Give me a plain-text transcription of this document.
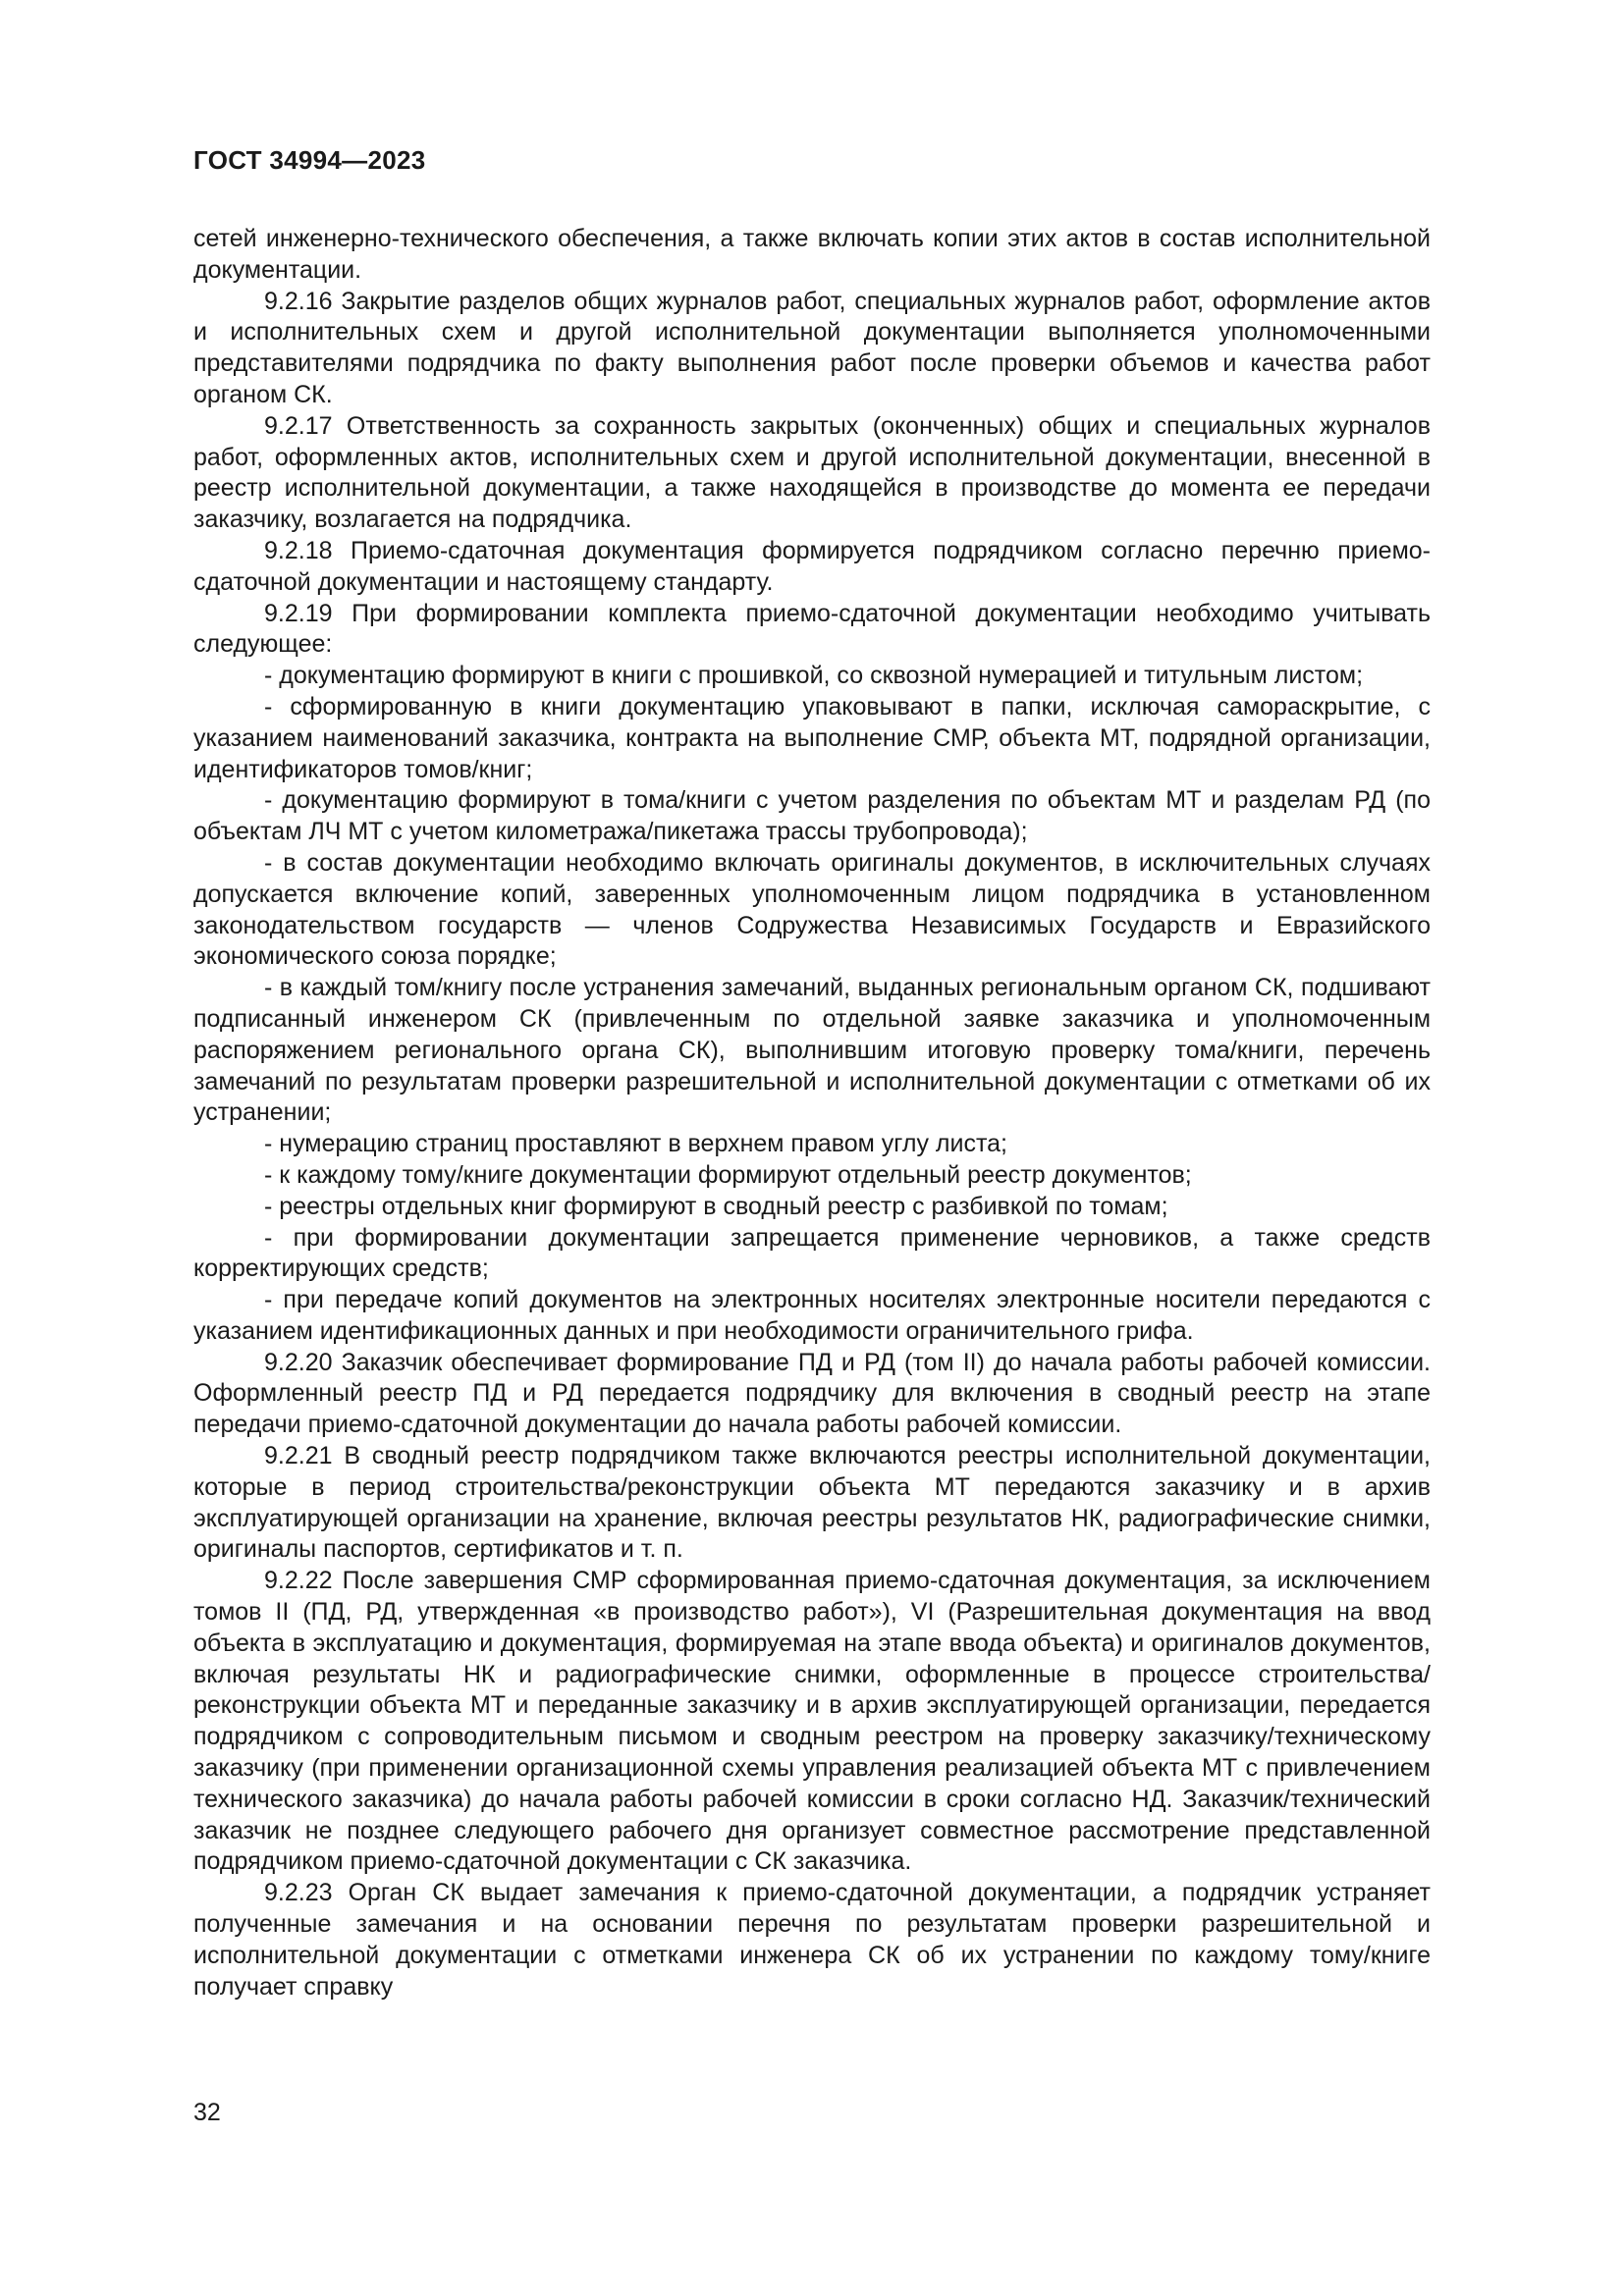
ГОСТ 34994—2023

сетей инженерно-технического обеспечения, а также включать копии этих актов в состав исполнительной документации.

9.2.16 Закрытие разделов общих журналов работ, специальных журналов работ, оформление актов и исполнительных схем и другой исполнительной документации выполняется уполномоченными представителями подрядчика по факту выполнения работ после проверки объемов и качества работ органом СК.

9.2.17 Ответственность за сохранность закрытых (оконченных) общих и специальных журналов работ, оформленных актов, исполнительных схем и другой исполнительной документации, внесенной в реестр исполнительной документации, а также находящейся в производстве до момента ее передачи заказчику, возлагается на подрядчика.

9.2.18 Приемо-сдаточная документация формируется подрядчиком согласно перечню приемо-сдаточной документации и настоящему стандарту.

9.2.19 При формировании комплекта приемо-сдаточной документации необходимо учитывать следующее:

- документацию формируют в книги с прошивкой, со сквозной нумерацией и титульным листом;

- сформированную в книги документацию упаковывают в папки, исключая самораскрытие, с указанием наименований заказчика, контракта на выполнение СМР, объекта МТ, подрядной организации, идентификаторов томов/книг;

- документацию формируют в тома/книги с учетом разделения по объектам МТ и разделам РД (по объектам ЛЧ МТ с учетом километража/пикетажа трассы трубопровода);

- в состав документации необходимо включать оригиналы документов, в исключительных случаях допускается включение копий, заверенных уполномоченным лицом подрядчика в установленном законодательством государств — членов Содружества Независимых Государств и Евразийского экономического союза порядке;

- в каждый том/книгу после устранения замечаний, выданных региональным органом СК, подшивают подписанный инженером СК (привлеченным по отдельной заявке заказчика и уполномоченным распоряжением регионального органа СК), выполнившим итоговую проверку тома/книги, перечень замечаний по результатам проверки разрешительной и исполнительной документации с отметками об их устранении;

- нумерацию страниц проставляют в верхнем правом углу листа;

- к каждому тому/книге документации формируют отдельный реестр документов;

- реестры отдельных книг формируют в сводный реестр с разбивкой по томам;

- при формировании документации запрещается применение черновиков, а также средств корректирующих средств;

- при передаче копий документов на электронных носителях электронные носители передаются с указанием идентификационных данных и при необходимости ограничительного грифа.

9.2.20 Заказчик обеспечивает формирование ПД и РД (том II) до начала работы рабочей комиссии. Оформленный реестр ПД и РД передается подрядчику для включения в сводный реестр на этапе передачи приемо-сдаточной документации до начала работы рабочей комиссии.

9.2.21 В сводный реестр подрядчиком также включаются реестры исполнительной документации, которые в период строительства/реконструкции объекта МТ передаются заказчику и в архив эксплуатирующей организации на хранение, включая реестры результатов НК, радиографические снимки, оригиналы паспортов, сертификатов и т. п.

9.2.22 После завершения СМР сформированная приемо-сдаточная документация, за исключением томов II (ПД, РД, утвержденная «в производство работ»), VI (Разрешительная документация на ввод объекта в эксплуатацию и документация, формируемая на этапе ввода объекта) и оригиналов документов, включая результаты НК и радиографические снимки, оформленные в процессе строительства/реконструкции объекта МТ и переданные заказчику и в архив эксплуатирующей организации, передается подрядчиком с сопроводительным письмом и сводным реестром на проверку заказчику/техническому заказчику (при применении организационной схемы управления реализацией объекта МТ с привлечением технического заказчика) до начала работы рабочей комиссии в сроки согласно НД. Заказчик/технический заказчик не позднее следующего рабочего дня организует совместное рассмотрение представленной подрядчиком приемо-сдаточной документации с СК заказчика.

9.2.23 Орган СК выдает замечания к приемо-сдаточной документации, а подрядчик устраняет полученные замечания и на основании перечня по результатам проверки разрешительной и исполнительной документации с отметками инженера СК об их устранении по каждому тому/книге получает справку

32
